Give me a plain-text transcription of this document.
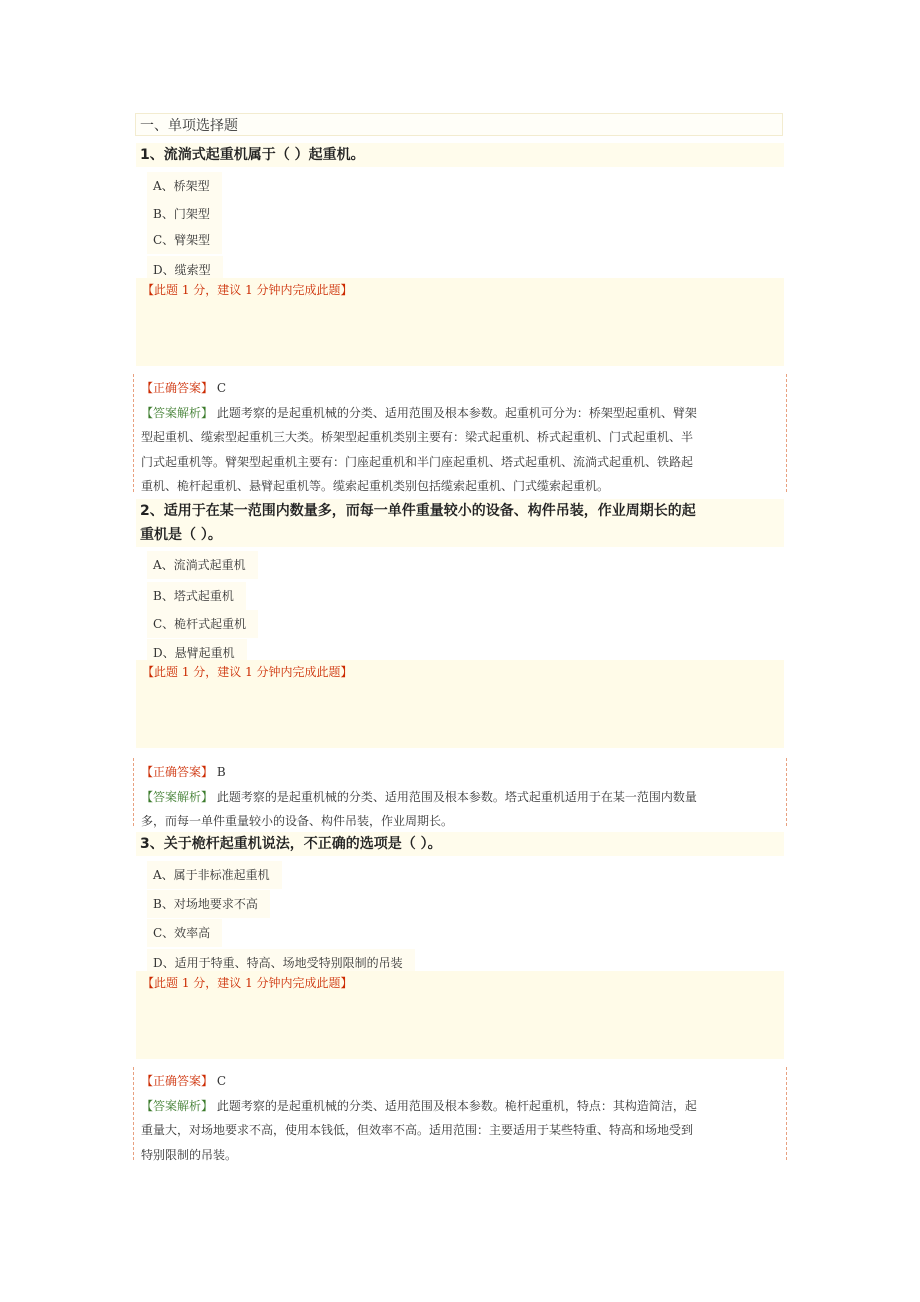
一、单项选择题
1、流淌式起重机属于（ ）起重机。
A、桥架型
B、门架型
C、臂架型
D、缆索型
【此题 1 分，建议 1 分钟内完成此题】
【正确答案】 C
【答案解析】 此题考察的是起重机械的分类、适用范围及根本参数。起重机可分为：桥架型起重机、臂架
型起重机、缆索型起重机三大类。桥架型起重机类别主要有：梁式起重机、桥式起重机、门式起重机、半
门式起重机等。臂架型起重机主要有：门座起重机和半门座起重机、塔式起重机、流淌式起重机、铁路起
重机、桅杆起重机、悬臂起重机等。缆索起重机类别包括缆索起重机、门式缆索起重机。
2、适用于在某一范围内数量多，而每一单件重量较小的设备、构件吊装，作业周期长的起
重机是（ ）。
A、流淌式起重机
B、塔式起重机
C、桅杆式起重机
D、悬臂起重机
【此题 1 分，建议 1 分钟内完成此题】
【正确答案】 B
【答案解析】 此题考察的是起重机械的分类、适用范围及根本参数。塔式起重机适用于在某一范围内数量
多，而每一单件重量较小的设备、构件吊装，作业周期长。
3、关于桅杆起重机说法，不正确的选项是（ ）。
A、属于非标准起重机
B、对场地要求不高
C、效率高
D、适用于特重、特高、场地受特别限制的吊装
【此题 1 分，建议 1 分钟内完成此题】
【正确答案】 C
【答案解析】 此题考察的是起重机械的分类、适用范围及根本参数。桅杆起重机，特点：其构造简洁，起
重量大，对场地要求不高，使用本钱低，但效率不高。适用范围：主要适用于某些特重、特高和场地受到
特别限制的吊装。
